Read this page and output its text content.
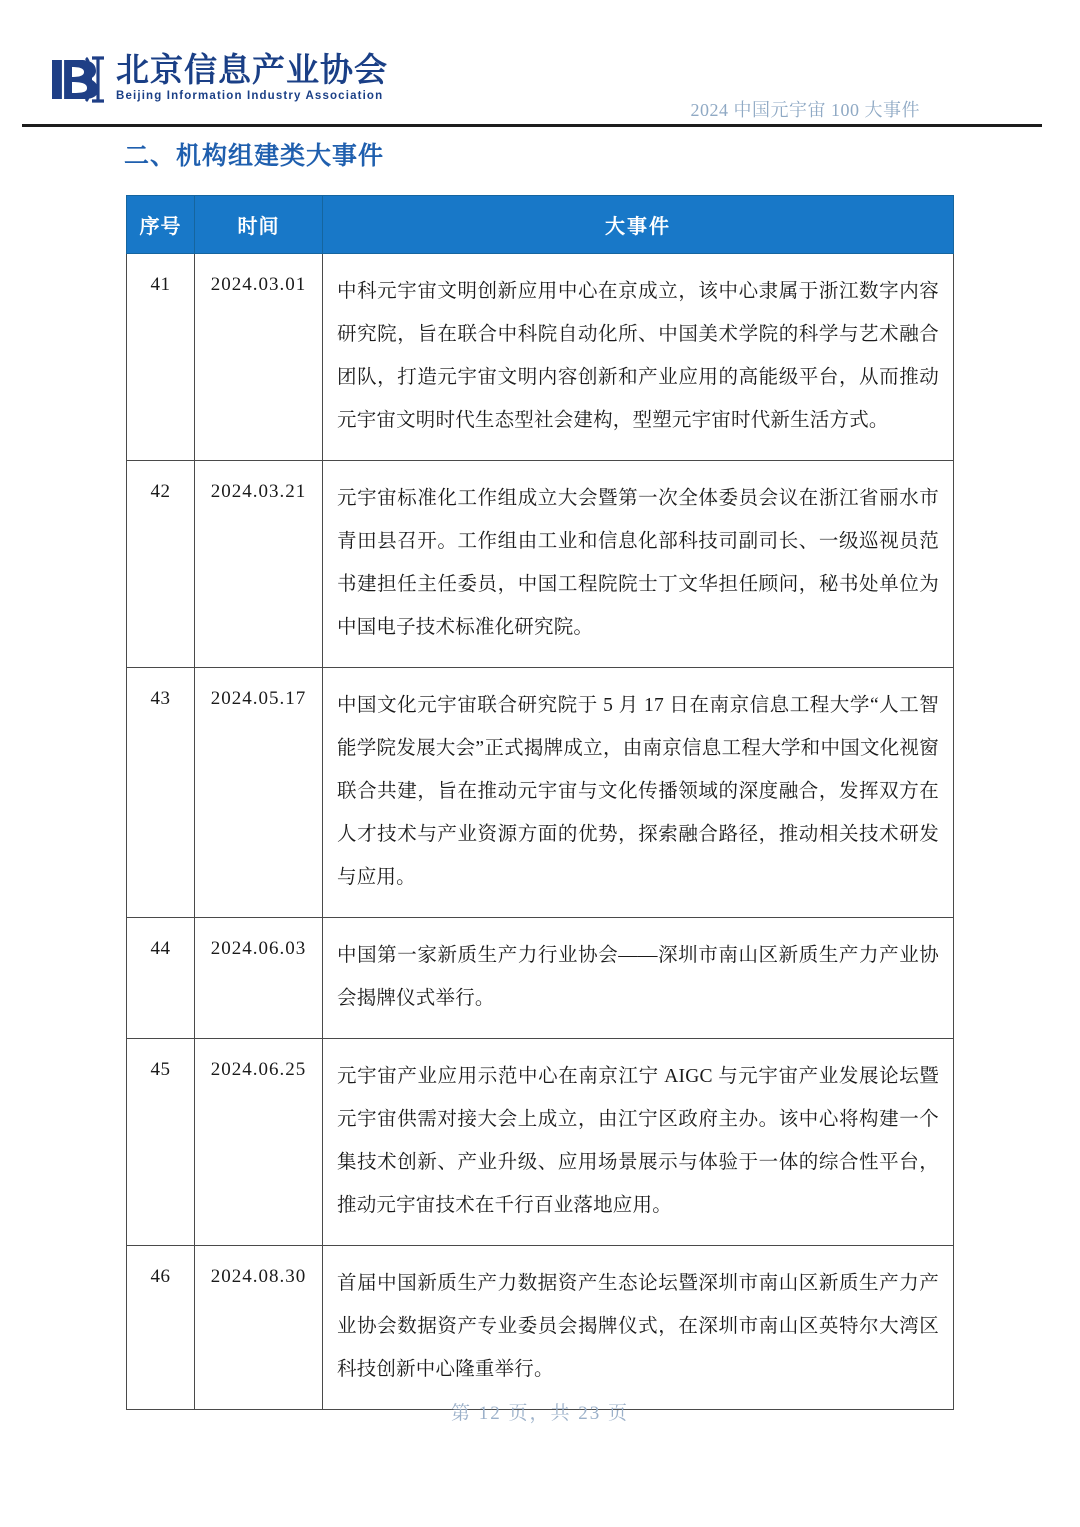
北京信息产业协会
Beijing Information Industry Association
2024 中国元宇宙 100 大事件
二、机构组建类大事件
序号	时间	大事件
41	2024.03.01	中科元宇宙文明创新应用中心在京成立，该中心隶属于浙江数字内容研究院，旨在联合中科院自动化所、中国美术学院的科学与艺术融合团队，打造元宇宙文明内容创新和产业应用的高能级平台，从而推动元宇宙文明时代生态型社会建构，型塑元宇宙时代新生活方式。
42	2024.03.21	元宇宙标准化工作组成立大会暨第一次全体委员会议在浙江省丽水市青田县召开。工作组由工业和信息化部科技司副司长、一级巡视员范书建担任主任委员，中国工程院院士丁文华担任顾问，秘书处单位为中国电子技术标准化研究院。
43	2024.05.17	中国文化元宇宙联合研究院于 5 月 17 日在南京信息工程大学“人工智能学院发展大会”正式揭牌成立，由南京信息工程大学和中国文化视窗联合共建，旨在推动元宇宙与文化传播领域的深度融合，发挥双方在人才技术与产业资源方面的优势，探索融合路径，推动相关技术研发与应用。
44	2024.06.03	中国第一家新质生产力行业协会——深圳市南山区新质生产力产业协会揭牌仪式举行。
45	2024.06.25	元宇宙产业应用示范中心在南京江宁 AIGC 与元宇宙产业发展论坛暨元宇宙供需对接大会上成立，由江宁区政府主办。该中心将构建一个集技术创新、产业升级、应用场景展示与体验于一体的综合性平台，推动元宇宙技术在千行百业落地应用。
46	2024.08.30	首届中国新质生产力数据资产生态论坛暨深圳市南山区新质生产力产业协会数据资产专业委员会揭牌仪式，在深圳市南山区英特尔大湾区科技创新中心隆重举行。
第 12 页，共 23 页
